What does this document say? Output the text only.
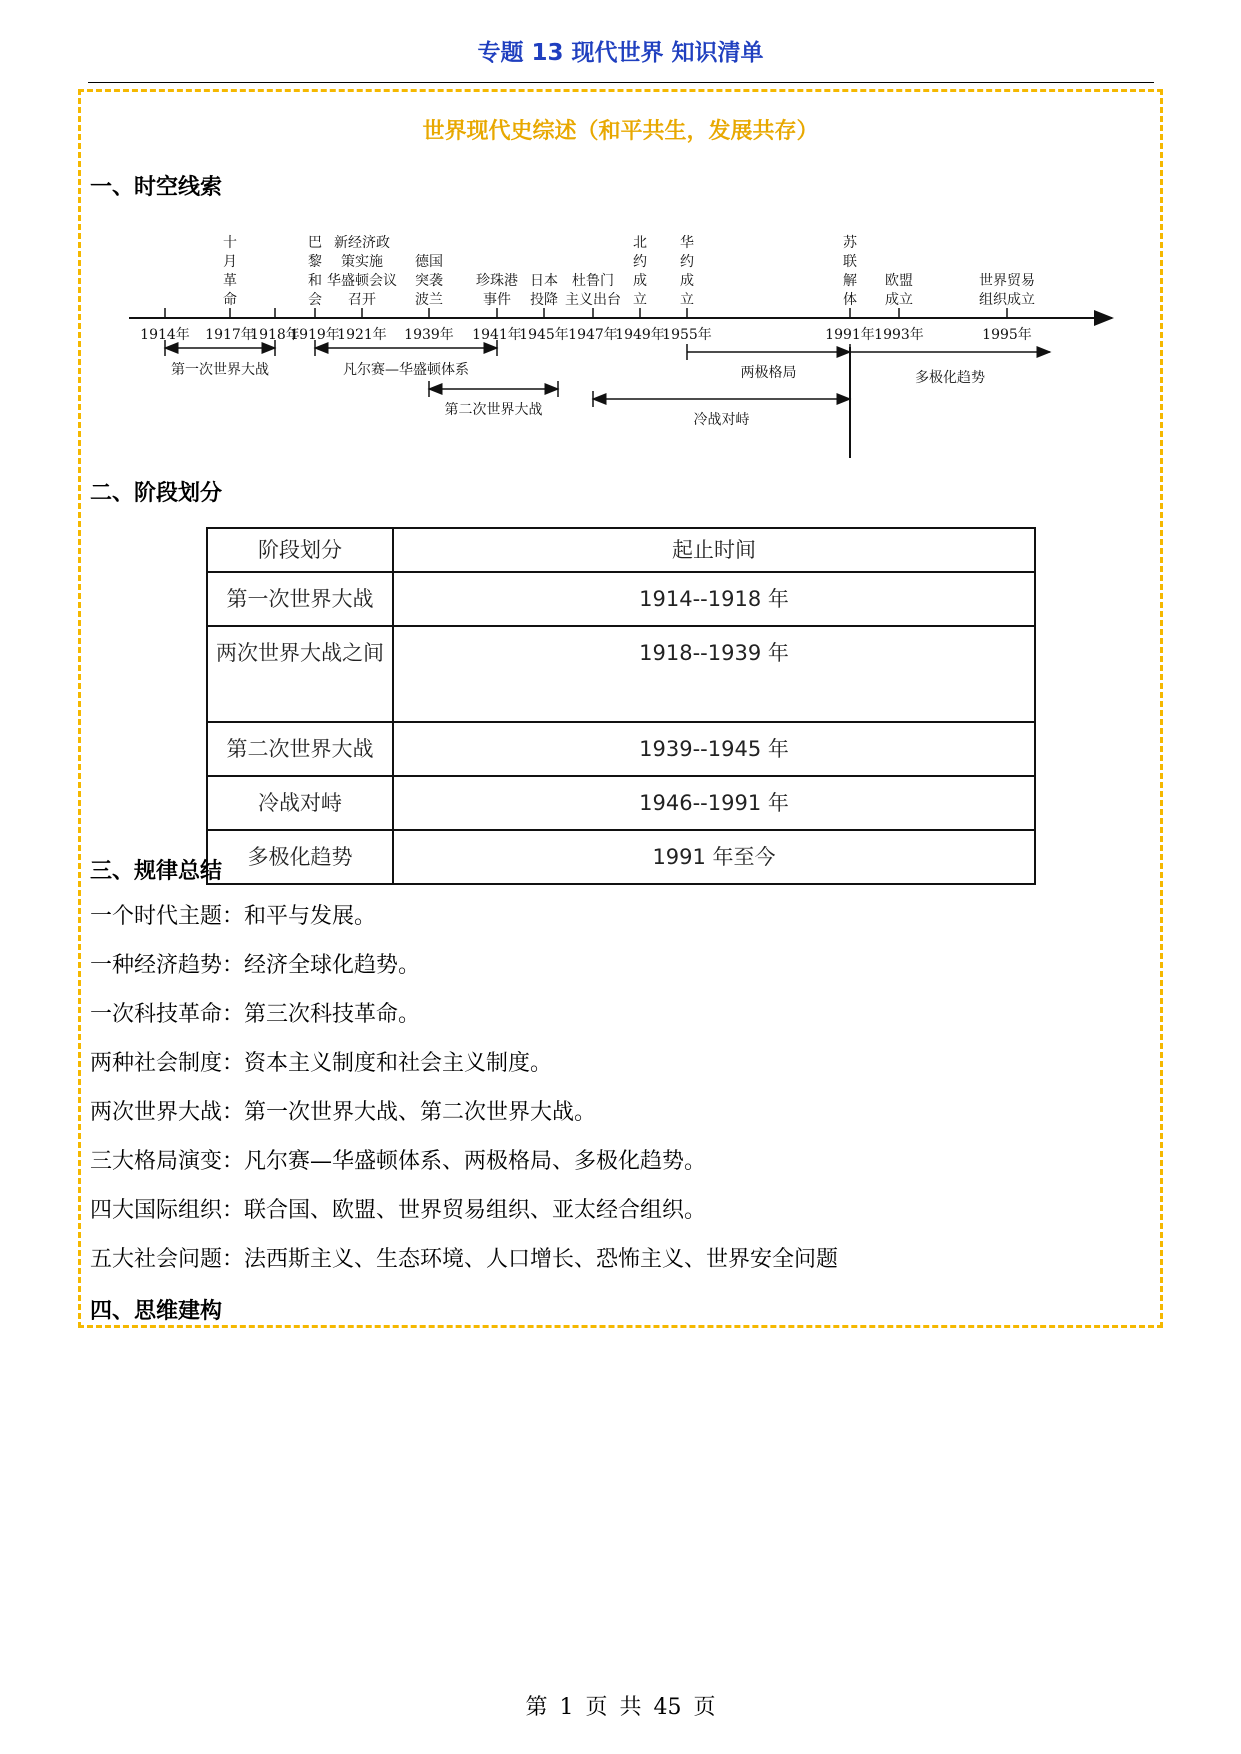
专题 13 现代世界 知识清单
世界现代史综述（和平共生，发展共存）
一、时空线索
1914年 1917年
十
月
革
命
1918年
1919年
巴
黎
和
会
1921年
新经济政
策实施
华盛顿会议
召开
1939年
德国
突袭
波兰
1941年
珍珠港
事件
1945年
日本
投降
1947年
杜鲁门
主义出台
1949年
北
约
成
立
1955年
华
约
成
立
1991年
苏
联
解
体
1993年
欧盟
成立
1995年
世界贸易
组织成立
第一次世界大战	凡尔赛—华盛顿体系
第二次世界大战
冷战对峙
两极格局	多极化趋势
二、阶段划分
阶段划分	起止时间
第一次世界大战	1914--1918 年
两次世界大战之间	1918--1939 年
第二次世界大战	1939--1945 年
冷战对峙	1946--1991 年
多极化趋势	1991 年至今
三、规律总结
一个时代主题：和平与发展。
一种经济趋势：经济全球化趋势。
一次科技革命：第三次科技革命。
两种社会制度：资本主义制度和社会主义制度。
两次世界大战：第一次世界大战、第二次世界大战。
三大格局演变：凡尔赛—华盛顿体系、两极格局、多极化趋势。
四大国际组织：联合国、欧盟、世界贸易组织、亚太经合组织。
五大社会问题：法西斯主义、生态环境、人口增长、恐怖主义、世界安全问题
四、思维建构
第 1 页 共 45 页
